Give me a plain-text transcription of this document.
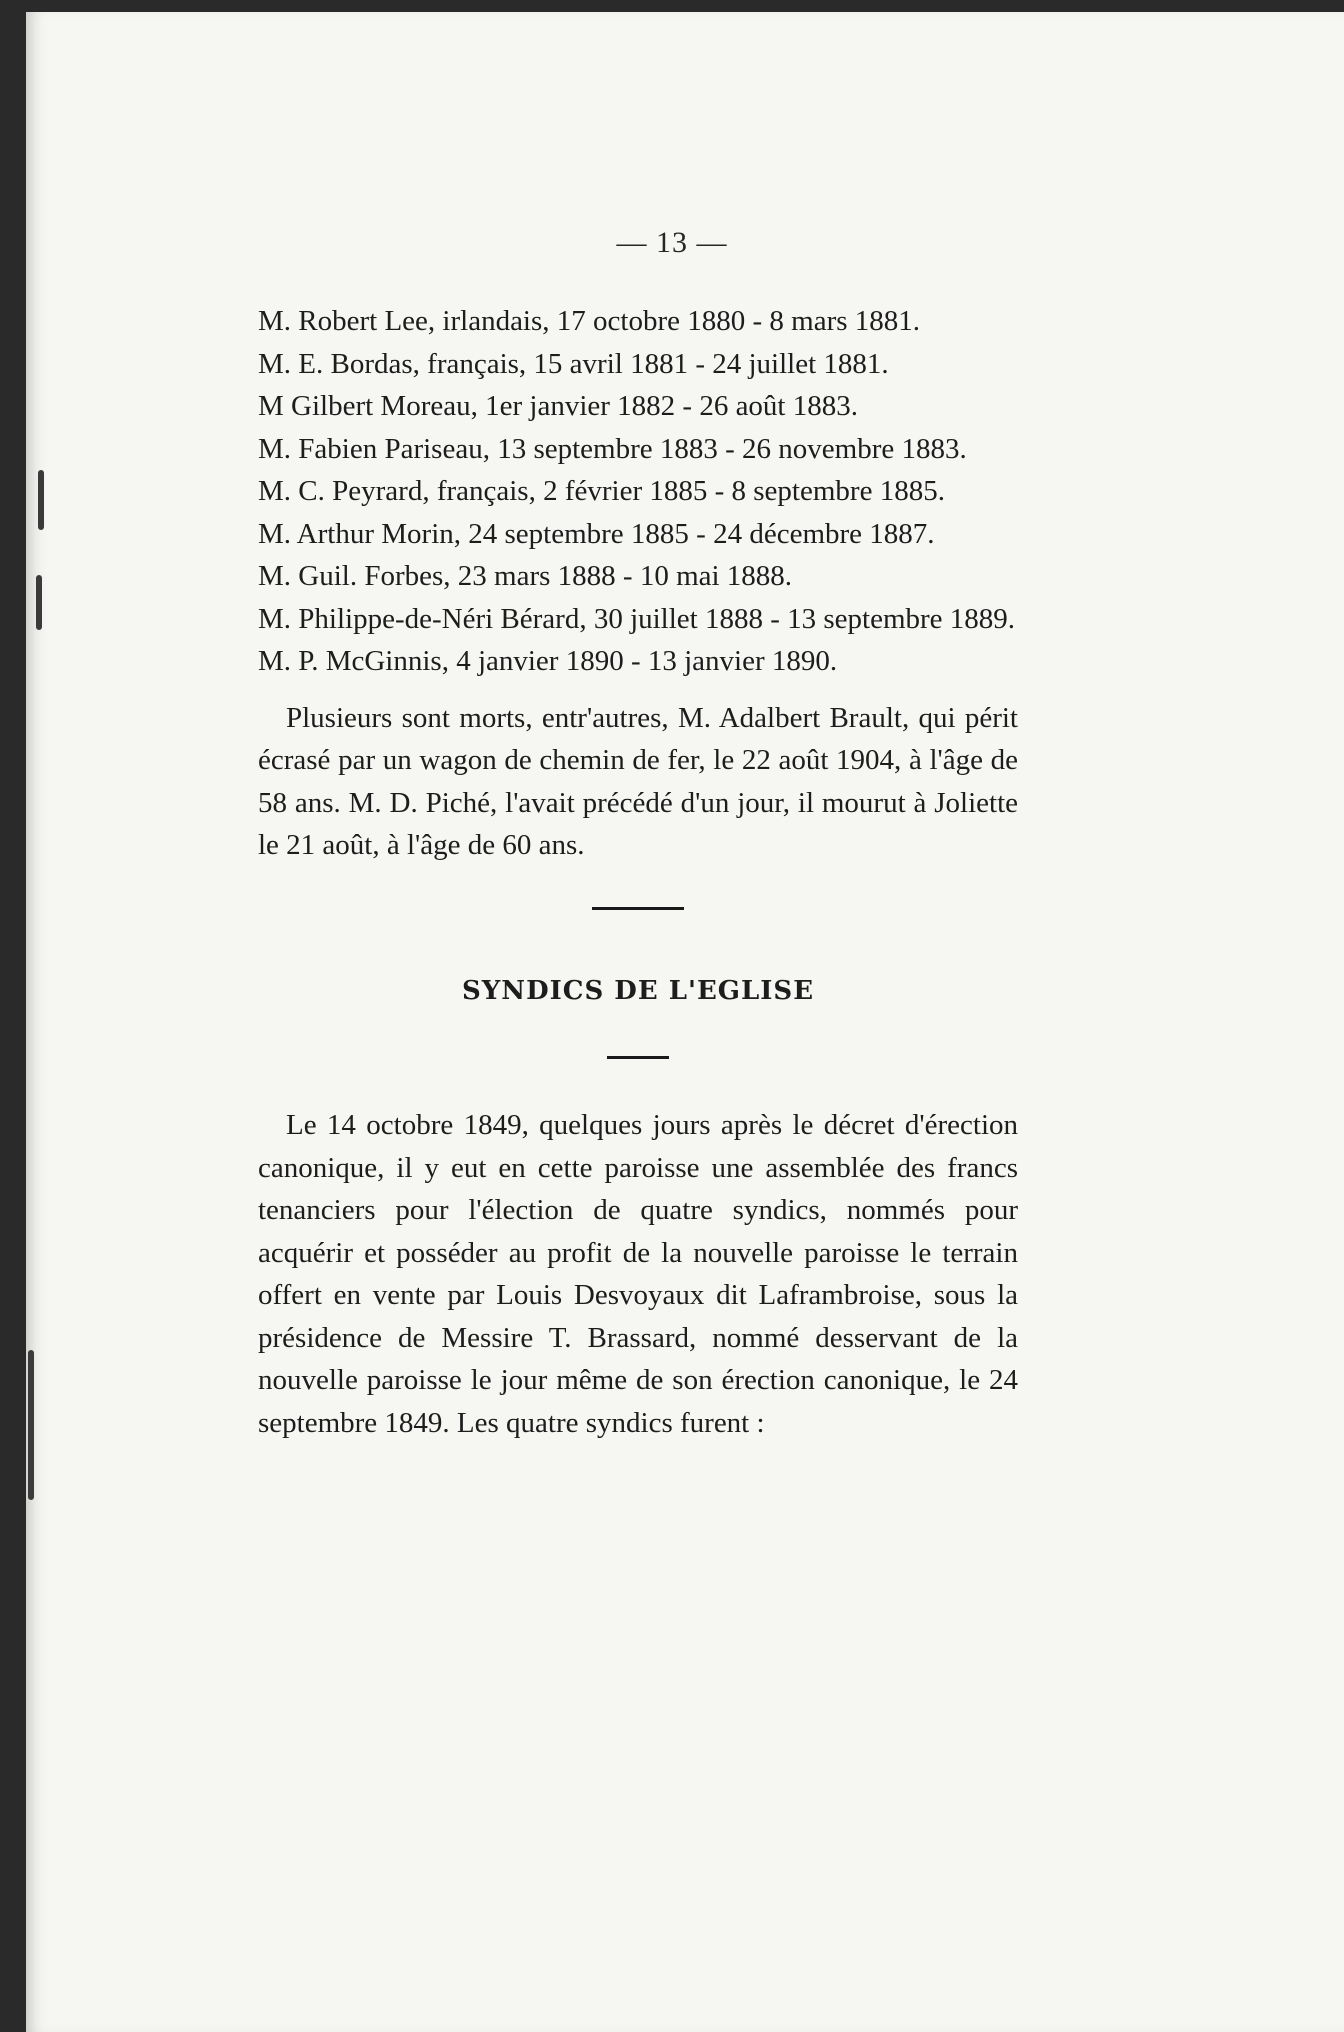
— 13 —

M. Robert Lee, irlandais, 17 octobre 1880 - 8 mars 1881.

M. E. Bordas, français, 15 avril 1881 - 24 juillet 1881.

M Gilbert Moreau, 1er janvier 1882 - 26 août 1883.

M. Fabien Pariseau, 13 septembre 1883 - 26 novembre 1883.

M. C. Peyrard, français, 2 février 1885 - 8 septembre 1885.

M. Arthur Morin, 24 septembre 1885 - 24 décembre 1887.

M. Guil. Forbes, 23 mars 1888 - 10 mai 1888.

M. Philippe-de-Néri Bérard, 30 juillet 1888 - 13 septembre 1889.

M. P. McGinnis, 4 janvier 1890 - 13 janvier 1890.

Plusieurs sont morts, entr'autres, M. Adalbert Brault, qui périt écrasé par un wagon de chemin de fer, le 22 août 1904, à l'âge de 58 ans. M. D. Piché, l'avait précédé d'un jour, il mourut à Joliette le 21 août, à l'âge de 60 ans.

SYNDICS DE L'EGLISE

Le 14 octobre 1849, quelques jours après le décret d'érection canonique, il y eut en cette paroisse une assemblée des francs tenanciers pour l'élection de quatre syndics, nommés pour acquérir et posséder au profit de la nouvelle paroisse le terrain offert en vente par Louis Desvoyaux dit Laframbroise, sous la présidence de Messire T. Brassard, nommé desservant de la nouvelle paroisse le jour même de son érection canonique, le 24 septembre 1849. Les quatre syndics furent :
